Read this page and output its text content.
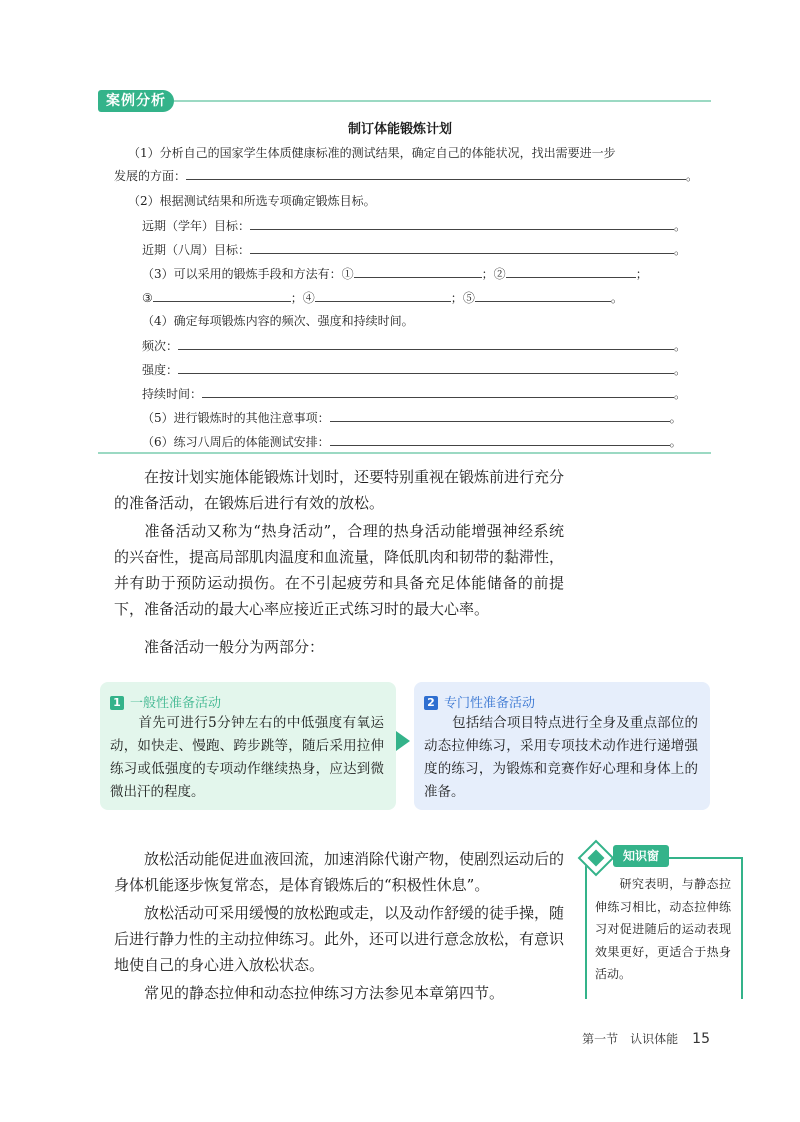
案例分析
制订体能锻炼计划
（1）分析自己的国家学生体质健康标准的测试结果，确定自己的体能状况，找出需要进一步
发展的方面：	。
（2）根据测试结果和所选专项确定锻炼目标。
远期（学年）目标：	。
近期（八周）目标：	。
（3）可以采用的锻炼手段和方法有：①	；②	；
③	；④	；⑤	。
（4）确定每项锻炼内容的频次、强度和持续时间。
频次：	。
强度：	。
持续时间：	。
（5）进行锻炼时的其他注意事项：	。
（6）练习八周后的体能测试安排：	。

在按计划实施体能锻炼计划时，还要特别重视在锻炼前进行充分的准备活动，在锻炼后进行有效的放松。

准备活动又称为“热身活动”，合理的热身活动能增强神经系统的兴奋性，提高局部肌肉温度和血流量，降低肌肉和韧带的黏滞性，并有助于预防运动损伤。在不引起疲劳和具备充足体能储备的前提下，准备活动的最大心率应接近正式练习时的最大心率。

准备活动一般分为两部分：

1 一般性准备活动

首先可进行5分钟左右的中低强度有氧运动，如快走、慢跑、跨步跳等，随后采用拉伸练习或低强度的专项动作继续热身，应达到微微出汗的程度。

2 专门性准备活动

包括结合项目特点进行全身及重点部位的动态拉伸练习，采用专项技术动作进行递增强度的练习，为锻炼和竞赛作好心理和身体上的准备。

放松活动能促进血液回流，加速消除代谢产物，使剧烈运动后的身体机能逐步恢复常态，是体育锻炼后的“积极性休息”。

放松活动可采用缓慢的放松跑或走，以及动作舒缓的徒手操，随后进行静力性的主动拉伸练习。此外，还可以进行意念放松，有意识地使自己的身心进入放松状态。

常见的静态拉伸和动态拉伸练习方法参见本章第四节。

知识窗

研究表明，与静态拉伸练习相比，动态拉伸练习对促进随后的运动表现效果更好，更适合于热身活动。

第一节　认识体能 15
